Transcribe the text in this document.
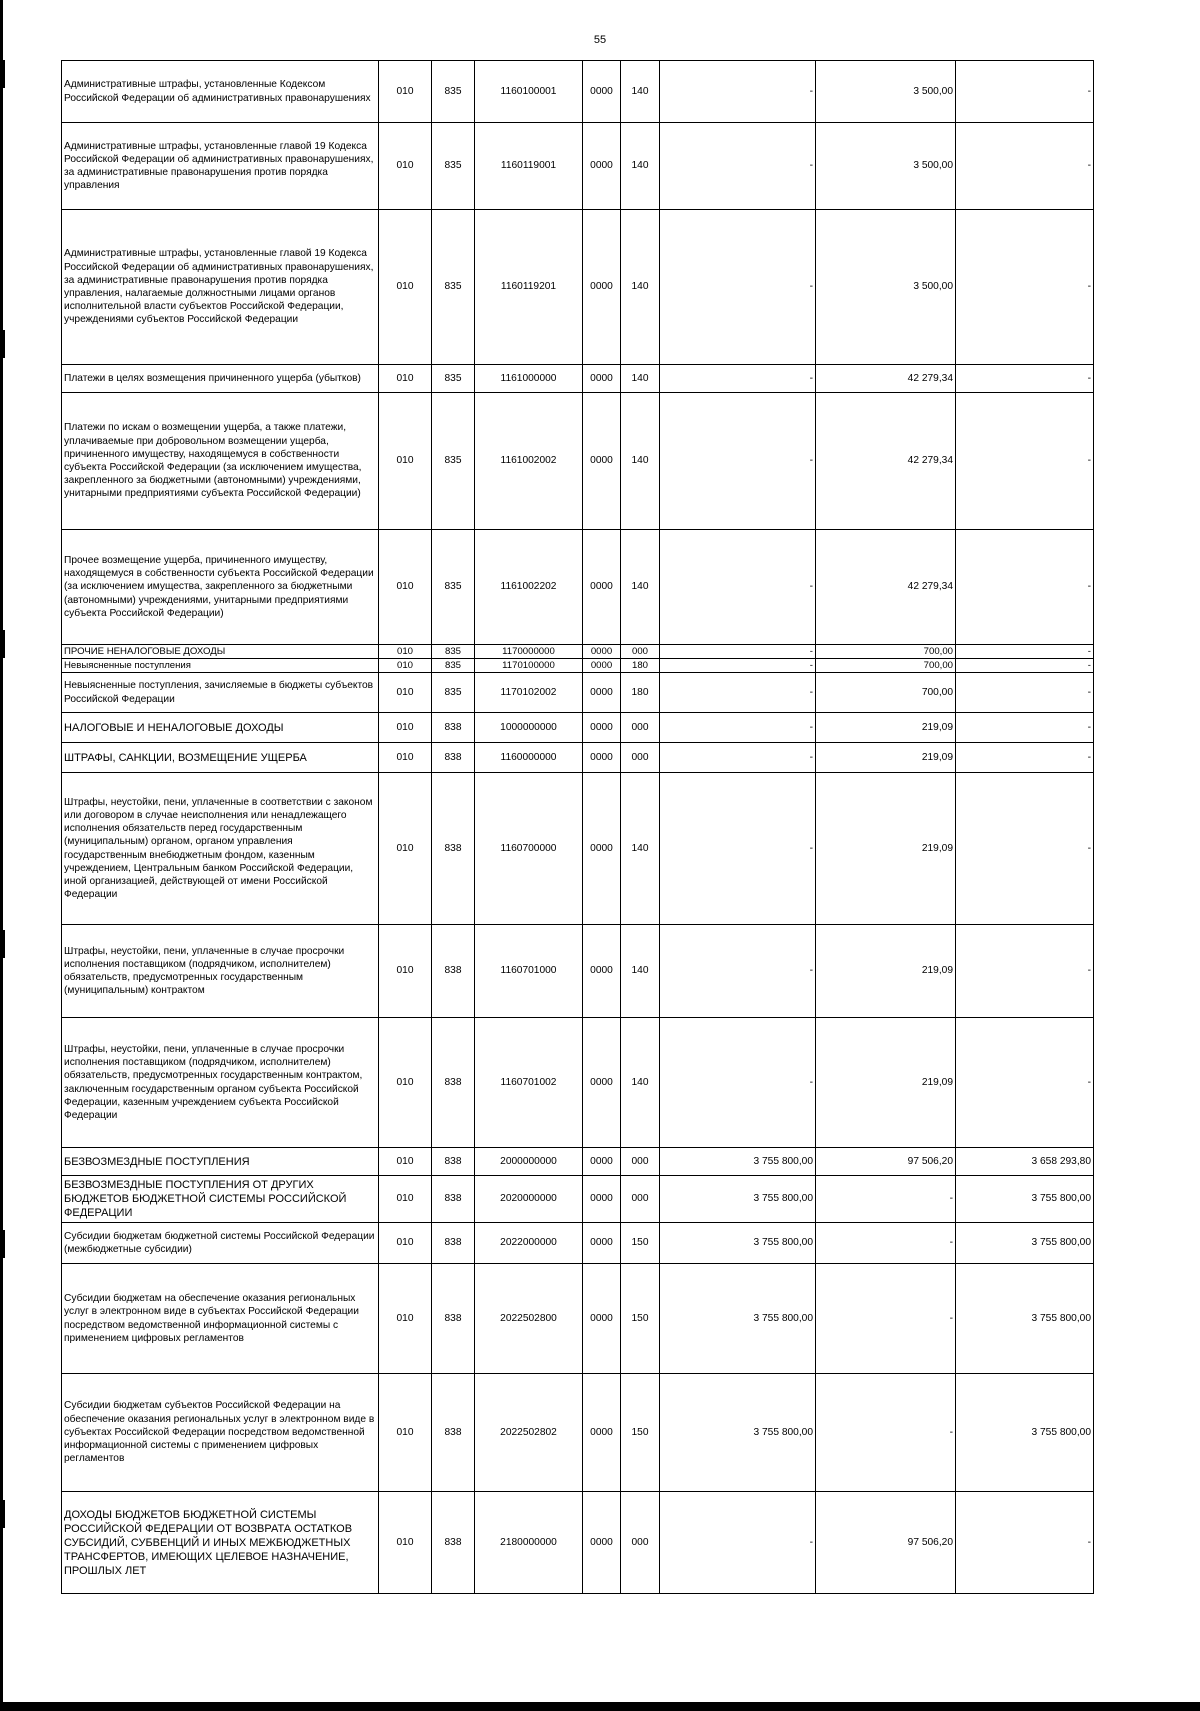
55
Административные штрафы, установленные Кодексом Российской Федерации об административных правонарушениях	010	835	1160100001	0000	140	-	3 500,00	-
Административные штрафы, установленные главой 19 Кодекса Российской Федерации об административных правонарушениях, за административные правонарушения против порядка управления	010	835	1160119001	0000	140	-	3 500,00	-
Административные штрафы, установленные главой 19 Кодекса Российской Федерации об административных правонарушениях, за административные правонарушения против порядка управления, налагаемые должностными лицами органов исполнительной власти субъектов Российской Федерации, учреждениями субъектов Российской Федерации	010	835	1160119201	0000	140	-	3 500,00	-
Платежи в целях возмещения причиненного ущерба (убытков)	010	835	1161000000	0000	140	-	42 279,34	-
Платежи по искам о возмещении ущерба, а также платежи, уплачиваемые при добровольном возмещении ущерба, причиненного имуществу, находящемуся в собственности субъекта Российской Федерации (за исключением имущества, закрепленного за бюджетными (автономными) учреждениями, унитарными предприятиями субъекта Российской Федерации)	010	835	1161002002	0000	140	-	42 279,34	-
Прочее возмещение ущерба, причиненного имуществу, находящемуся в собственности субъекта Российской Федерации (за исключением имущества, закрепленного за бюджетными (автономными) учреждениями, унитарными предприятиями субъекта Российской Федерации)	010	835	1161002202	0000	140	-	42 279,34	-
ПРОЧИЕ НЕНАЛОГОВЫЕ ДОХОДЫ	010	835	1170000000	0000	000	-	700,00	-
Невыясненные поступления	010	835	1170100000	0000	180	-	700,00	-
Невыясненные поступления, зачисляемые в бюджеты субъектов Российской Федерации	010	835	1170102002	0000	180	-	700,00	-
НАЛОГОВЫЕ И НЕНАЛОГОВЫЕ ДОХОДЫ	010	838	1000000000	0000	000	-	219,09	-
ШТРАФЫ, САНКЦИИ, ВОЗМЕЩЕНИЕ УЩЕРБА	010	838	1160000000	0000	000	-	219,09	-
Штрафы, неустойки, пени, уплаченные в соответствии с законом или договором в случае неисполнения или ненадлежащего исполнения обязательств перед государственным (муниципальным) органом, органом управления государственным внебюджетным фондом, казенным учреждением, Центральным банком Российской Федерации, иной организацией, действующей от имени Российской Федерации	010	838	1160700000	0000	140	-	219,09	-
Штрафы, неустойки, пени, уплаченные в случае просрочки исполнения поставщиком (подрядчиком, исполнителем) обязательств, предусмотренных государственным (муниципальным) контрактом	010	838	1160701000	0000	140	-	219,09	-
Штрафы, неустойки, пени, уплаченные в случае просрочки исполнения поставщиком (подрядчиком, исполнителем) обязательств, предусмотренных государственным контрактом, заключенным государственным органом субъекта Российской Федерации, казенным учреждением субъекта Российской Федерации	010	838	1160701002	0000	140	-	219,09	-
БЕЗВОЗМЕЗДНЫЕ ПОСТУПЛЕНИЯ	010	838	2000000000	0000	000	3 755 800,00	97 506,20	3 658 293,80
БЕЗВОЗМЕЗДНЫЕ ПОСТУПЛЕНИЯ ОТ ДРУГИХ БЮДЖЕТОВ БЮДЖЕТНОЙ СИСТЕМЫ РОССИЙСКОЙ ФЕДЕРАЦИИ	010	838	2020000000	0000	000	3 755 800,00	-	3 755 800,00
Субсидии бюджетам бюджетной системы Российской Федерации (межбюджетные субсидии)	010	838	2022000000	0000	150	3 755 800,00	-	3 755 800,00
Субсидии бюджетам на обеспечение оказания региональных услуг в электронном виде в субъектах Российской Федерации посредством ведомственной информационной системы с применением цифровых регламентов	010	838	2022502800	0000	150	3 755 800,00	-	3 755 800,00
Субсидии бюджетам субъектов Российской Федерации на обеспечение оказания региональных услуг в электронном виде в субъектах Российской Федерации посредством ведомственной информационной системы с применением цифровых регламентов	010	838	2022502802	0000	150	3 755 800,00	-	3 755 800,00
ДОХОДЫ БЮДЖЕТОВ БЮДЖЕТНОЙ СИСТЕМЫ РОССИЙСКОЙ ФЕДЕРАЦИИ ОТ ВОЗВРАТА ОСТАТКОВ СУБСИДИЙ, СУБВЕНЦИЙ И ИНЫХ МЕЖБЮДЖЕТНЫХ ТРАНСФЕРТОВ, ИМЕЮЩИХ ЦЕЛЕВОЕ НАЗНАЧЕНИЕ, ПРОШЛЫХ ЛЕТ	010	838	2180000000	0000	000	-	97 506,20	-
